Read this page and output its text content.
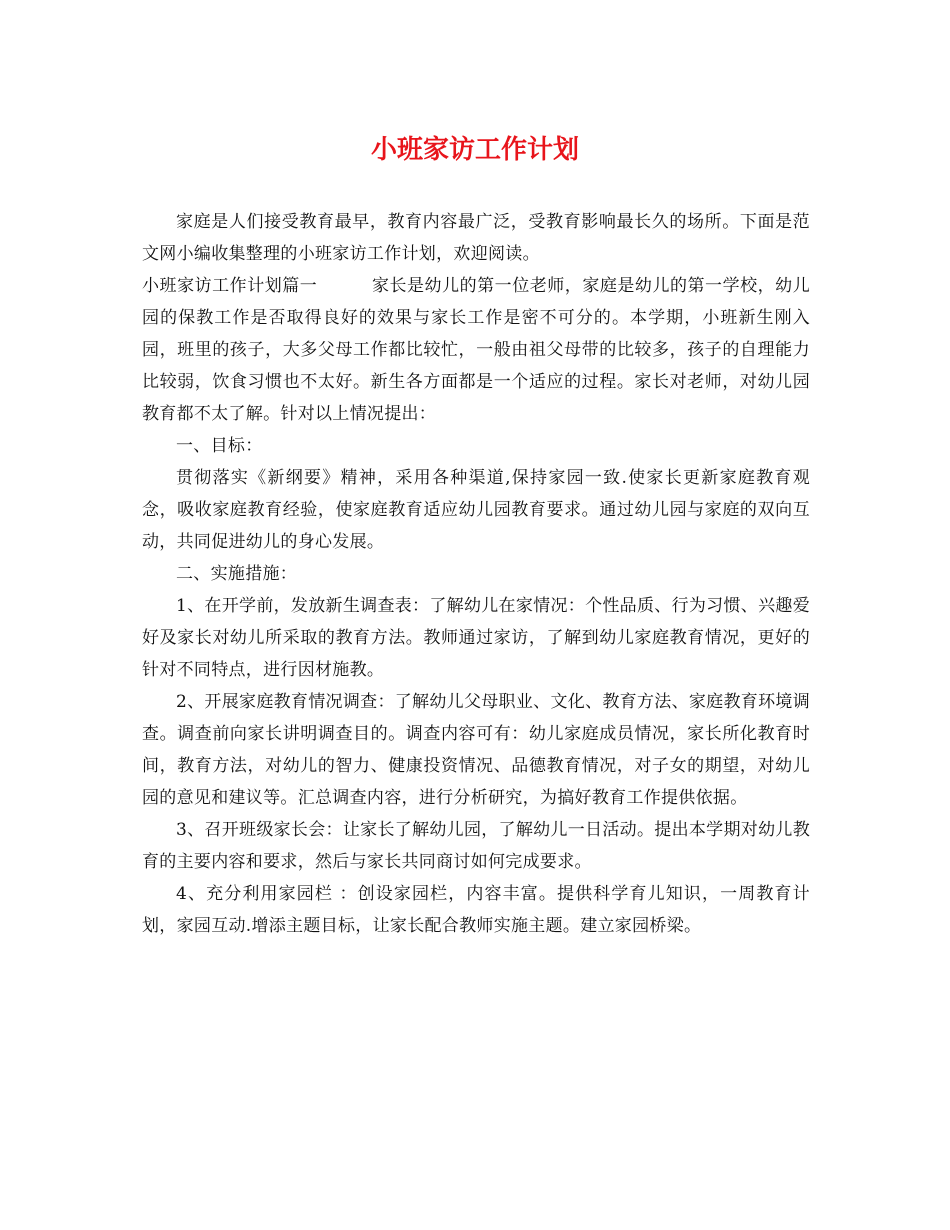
小班家访工作计划

家庭是人们接受教育最早，教育内容最广泛，受教育影响最长久的场所。下面是范文网小编收集整理的小班家访工作计划，欢迎阅读。

小班家访工作计划篇一	家长是幼儿的第一位老师，家庭是幼儿的第一学校，幼儿园的保教工作是否取得良好的效果与家长工作是密不可分的。本学期，小班新生刚入园，班里的孩子，大多父母工作都比较忙，一般由祖父母带的比较多，孩子的自理能力比较弱，饮食习惯也不太好。新生各方面都是一个适应的过程。家长对老师，对幼儿园教育都不太了解。针对以上情况提出：

一、目标：

贯彻落实《新纲要》精神，采用各种渠道,保持家园一致.使家长更新家庭教育观念，吸收家庭教育经验，使家庭教育适应幼儿园教育要求。通过幼儿园与家庭的双向互动，共同促进幼儿的身心发展。

二、实施措施：

1、在开学前，发放新生调查表：了解幼儿在家情况：个性品质、行为习惯、兴趣爱好及家长对幼儿所采取的教育方法。教师通过家访，了解到幼儿家庭教育情况，更好的针对不同特点，进行因材施教。

2、开展家庭教育情况调查：了解幼儿父母职业、文化、教育方法、家庭教育环境调查。调查前向家长讲明调查目的。调查内容可有：幼儿家庭成员情况，家长所化教育时间，教育方法，对幼儿的智力、健康投资情况、品德教育情况，对子女的期望，对幼儿园的意见和建议等。汇总调查内容，进行分析研究，为搞好教育工作提供依据。

3、召开班级家长会：让家长了解幼儿园，了解幼儿一日活动。提出本学期对幼儿教育的主要内容和要求，然后与家长共同商讨如何完成要求。

4、充分利用家园栏 ：创设家园栏，内容丰富。提供科学育儿知识，一周教育计划，家园互动.增添主题目标，让家长配合教师实施主题。建立家园桥梁。
